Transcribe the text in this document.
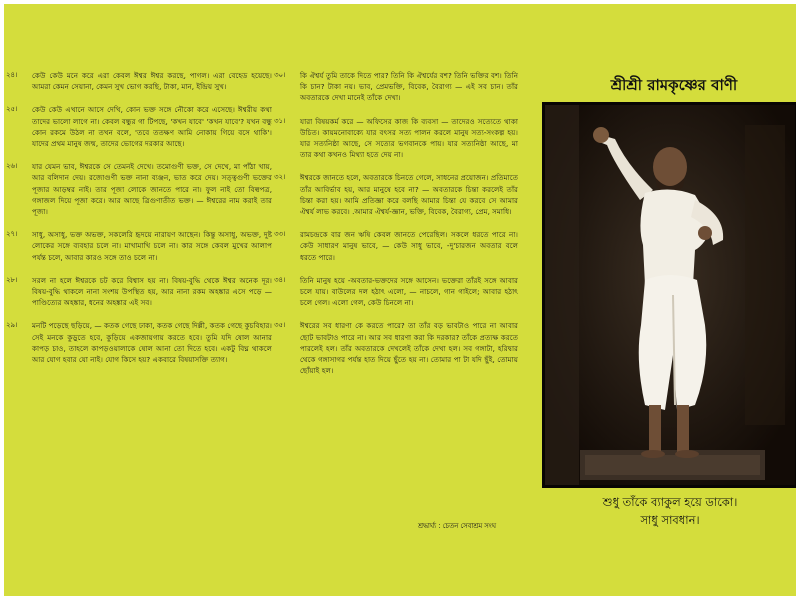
২৪।	কেউ কেউ মনে করে এরা কেবল ঈশ্বর ঈশ্বর করছে, পাগল। এরা বেহেড হয়েছে। আমরা কেমন সেয়ানা, কেমন সুখ ভোগ করছি, টাকা, মান, ইন্দ্রিয় সুখ।
২৫।	কেউ কেউ এখানে আসে দেখি, কোন ভক্ত সঙ্গে নৌকো করে এসেছে। ঈশ্বরীয় কথা তাদের ভালো লাগে না। কেবল বন্ধুর গা টিপছে, 'কখন যাবে' 'কখন যাবে'? যখন বন্ধু কোন রকমে উঠল না তখন বলে, 'তবে ততক্ষণ আমি নোকায় গিয়ে বসে থাকি'। যাদের প্রথম মানুষ জন্ম, তাদের ভোগের দরকার আছে।
২৬।	যার যেমন ভাব, ঈশ্বরকে সে তেমনই দেখে। তমোগুণী ভক্ত, সে দেখে, মা পাঁঠা খায়, আর বলিদান দেয়। রজোগুণী ভক্ত নানা ব্যঞ্জন, ভাত করে দেয়। সত্ত্বগুণী ভক্তের পূজার আড়ম্বর নাই। তার পূজা লোকে জানতে পারে না। ফুল নাই তো বিল্বপত্র, গঙ্গাজল দিয়ে পূজা করে। আর আছে ত্রিগুণাতীত ভক্ত। — ঈশ্বরের নাম করাই তার পূজা।
২৭।	সাধু, অসাধু, ভক্ত অভক্ত, সকলেরি হৃদয়ে নারায়ণ আছেন। কিন্তু অসাধু, অভক্ত, দুষ্ট লোকের সঙ্গে ব্যবহার চলে না। মাখামাখি চলে না। কার সঙ্গে কেবল মুখের আলাপ পর্যন্ত চলে, আবার কারও সঙ্গে তাও চলে না।
২৮।	সরল না হলে ঈশ্বরকে চট করে বিশ্বাস হয় না। বিষয়-বুদ্ধি থেকে ঈশ্বর অনেক দূর। বিষয়-বুদ্ধি থাকলে নানা সংশয় উপস্থিত হয়, আর নানা রকম অহঙ্কার এসে পড়ে — পাণ্ডিত্যের অহঙ্কার, ধনের অহঙ্কার এই সব।
২৯।	মনটি পড়েছে ছড়িয়ে, — কতক গেছে ঢাকা, কতক গেছে দিল্লী, কতক গেছে কুচবিহার। সেই মনকে কুড়ুতে হবে, কুড়িয়ে একজায়গায় করতে হবে। তুমি যদি ষোল আনার কাপড় চাও, তাহলে কাপড়ওয়ালাকে ষোল আনা তো দিতে হবে। একটু বিঘ্ন থাকলে আর যোগ হবার যো নাই। যোগ কিসে হয়? একবারে বিষয়াসক্তি ত্যাগ।
৩০।	কি ঐশ্বর্য তুমি তাকে দিতে পার? তিনি কি ঐশ্বর্যের বশ? তিনি ভক্তির বশ। তিনি কি চান? টাকা নয়। ভাব, প্রেমভক্তি, বিবেক, বৈরাগ্য — এই সব চান। তাঁর অবতারকে দেখা মানেই তাঁকে দেখা।
৩১।	যারা বিষয়কর্ম করে — অফিসের কাজ কি ব্যবসা — তাদেরও সত্যেতে থাকা উচিত। কায়মনোবাক্যে যার বৎসর সত্য পালন করলে মানুষ সত্য-সংকল্প হয়। যার সত্যনিষ্ঠা আছে, সে সত্যের ভগবানকে পায়। যার সত্যনিষ্ঠা আছে, মা তার কথা কখনও মিথ্যা হতে দেয় না।
৩২।	ঈশ্বরকে জানতে হলে, অবতারকে চিনতে গেলে, সাধনের প্রয়োজন। প্রতিমাতে তাঁর আবির্ভাব হয়, আর মানুষে হবে না? — অবতারকে চিন্তা করলেই তাঁর চিন্তা করা হয়। আমি প্রতিজ্ঞা করে বলছি আমার চিন্তা যে করবে সে আমার ঐশ্বর্য লাভ করবে। .আমার ঐশ্বর্য-জ্ঞান, ভক্তি, বিবেক, বৈরাগ্য, প্রেম, সমাধি।
৩৩।	রামচন্দ্রকে বার জন ঋষি কেবল জানতে পেরেছিল। সকলে ধরতে পারে না। কেউ সাধারণ মানুষ ভাবে, — কেউ সাধু ভাবে, -দু'চারজন অবতার বলে ধরতে পারে।
৩৪।	তিনি মানুষ হয়ে -অবতার-ভক্তদের সঙ্গে আসেন। ভক্তেরা তাঁরই সঙ্গে আবার চলে যায়। বাউলের দল হঠাৎ এলো, — নাচলে, গান গাইলে; আবার হঠাৎ চলে গেল। এলো গেল, কেউ চিনলে না।
৩৫।	ঈশ্বরের সব ধারণা কে করতে পারে? তা তাঁর বড় ভাবটাও পারে না আবার ছোট ভাবটাও পারে না। আর সব ধারণা করা কি দরকার? তাঁকে প্রত্যক্ষ করতে পারলেই হল। তাঁর অবতারকে দেখলেই তাঁকে দেখা হল। সব গঙ্গাটা, হরিদ্বার থেকে গঙ্গাসাগর পর্যন্ত হাত দিয়ে ছুঁতে হয় না। তোমার পা টা যদি ছুঁই, তোমায় ছোঁয়াই হল।
শ্রদ্ধার্ঘ্য : চেতন সেবাশ্রম সংঘ
শ্রীশ্রী রামকৃষ্ণের বাণী
শুধু তাঁকে ব্যাকুল হয়ে ডাকো।
সাধু সাবধান।
